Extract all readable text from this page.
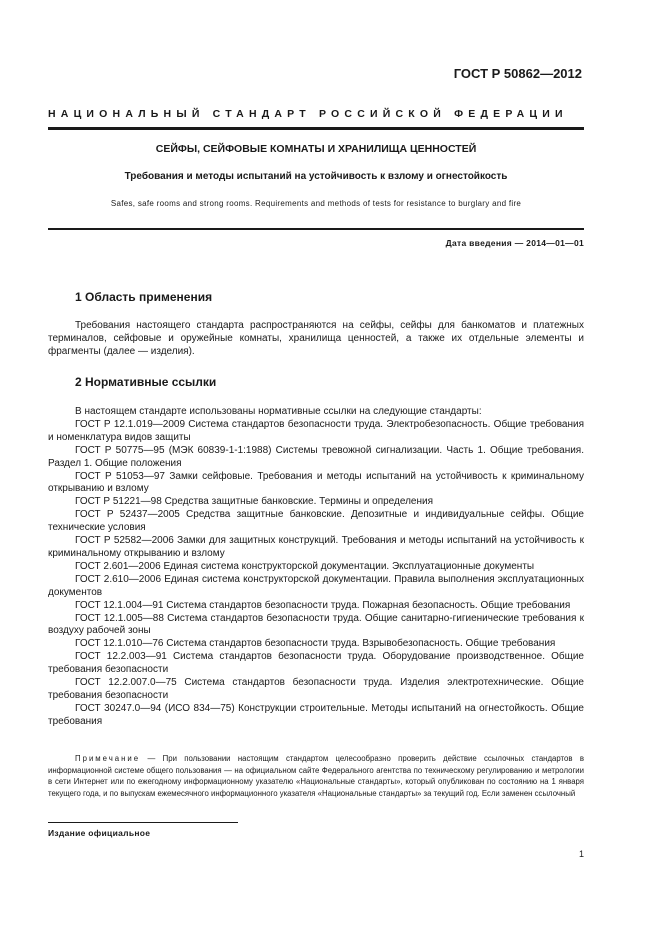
ГОСТ Р 50862—2012
НАЦИОНАЛЬНЫЙ СТАНДАРТ РОССИЙСКОЙ ФЕДЕРАЦИИ
СЕЙФЫ, СЕЙФОВЫЕ КОМНАТЫ И ХРАНИЛИЩА ЦЕННОСТЕЙ
Требования и методы испытаний на устойчивость к взлому и огнестойкость
Safes, safe rooms and strong rooms. Requirements and methods of tests for resistance to burglary and fire
Дата введения — 2014—01—01
1 Область применения
Требования настоящего стандарта распространяются на сейфы, сейфы для банкоматов и платежных терминалов, сейфовые и оружейные комнаты, хранилища ценностей, а также их отдельные элементы и фрагменты (далее — изделия).
2 Нормативные ссылки

В настоящем стандарте использованы нормативные ссылки на следующие стандарты:

ГОСТ Р 12.1.019—2009 Система стандартов безопасности труда. Электробезопасность. Общие требования и номенклатура видов защиты

ГОСТ Р 50775—95 (МЭК 60839-1-1:1988) Системы тревожной сигнализации. Часть 1. Общие требования. Раздел 1. Общие положения

ГОСТ Р 51053—97 Замки сейфовые. Требования и методы испытаний на устойчивость к криминальному открыванию и взлому

ГОСТ Р 51221—98 Средства защитные банковские. Термины и определения

ГОСТ Р 52437—2005 Средства защитные банковские. Депозитные и индивидуальные сейфы. Общие технические условия

ГОСТ Р 52582—2006 Замки для защитных конструкций. Требования и методы испытаний на устойчивость к криминальному открыванию и взлому

ГОСТ 2.601—2006 Единая система конструкторской документации. Эксплуатационные документы

ГОСТ 2.610—2006 Единая система конструкторской документации. Правила выполнения эксплуатационных документов

ГОСТ 12.1.004—91 Система стандартов безопасности труда. Пожарная безопасность. Общие требования

ГОСТ 12.1.005—88 Система стандартов безопасности труда. Общие санитарно-гигиенические требования к воздуху рабочей зоны

ГОСТ 12.1.010—76 Система стандартов безопасности труда. Взрывобезопасность. Общие требования

ГОСТ 12.2.003—91 Система стандартов безопасности труда. Оборудование производственное. Общие требования безопасности

ГОСТ 12.2.007.0—75 Система стандартов безопасности труда. Изделия электротехнические. Общие требования безопасности

ГОСТ 30247.0—94 (ИСО 834—75) Конструкции строительные. Методы испытаний на огнестойкость. Общие требования

Примечание — При пользовании настоящим стандартом целесообразно проверить действие ссылочных стандартов в информационной системе общего пользования — на официальном сайте Федерального агентства по техническому регулированию и метрологии в сети Интернет или по ежегодному информационному указателю «Национальные стандарты», который опубликован по состоянию на 1 января текущего года, и по выпускам ежемесячного информационного указателя «Национальные стандарты» за текущий год. Если заменен ссылочный
Издание официальное
1
